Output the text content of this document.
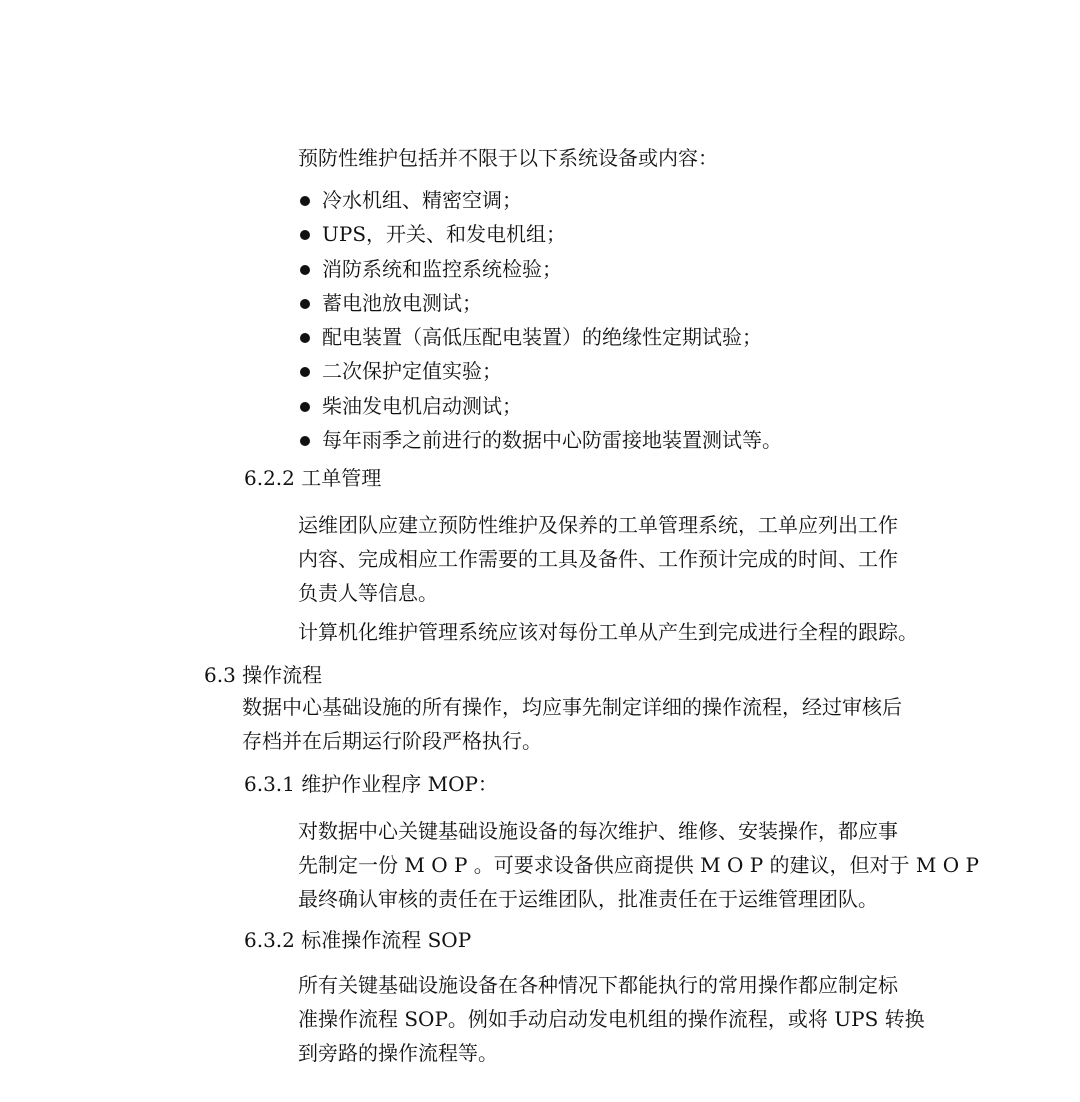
预防性维护包括并不限于以下系统设备或内容：
冷水机组、精密空调；
UPS，开关、和发电机组；
消防系统和监控系统检验；
蓄电池放电测试；
配电装置（高低压配电装置）的绝缘性定期试验；
二次保护定值实验；
柴油发电机启动测试；
每年雨季之前进行的数据中心防雷接地装置测试等。
6.2.2 工单管理
运维团队应建立预防性维护及保养的工单管理系统，工单应列出工作
内容、完成相应工作需要的工具及备件、工作预计完成的时间、工作
负责人等信息。
计算机化维护管理系统应该对每份工单从产生到完成进行全程的跟踪。
6.3 操作流程
数据中心基础设施的所有操作，均应事先制定详细的操作流程，经过审核后
存档并在后期运行阶段严格执行。
6.3.1 维护作业程序 MOP：
对数据中心关键基础设施设备的每次维护、维修、安装操作，都应事
先制定一份 M O P 。可要求设备供应商提供 M O P 的建议，但对于 M O P
最终确认审核的责任在于运维团队，批准责任在于运维管理团队。
6.3.2 标准操作流程 SOP
所有关键基础设施设备在各种情况下都能执行的常用操作都应制定标
准操作流程 SOP。例如手动启动发电机组的操作流程，或将 UPS 转换
到旁路的操作流程等。
